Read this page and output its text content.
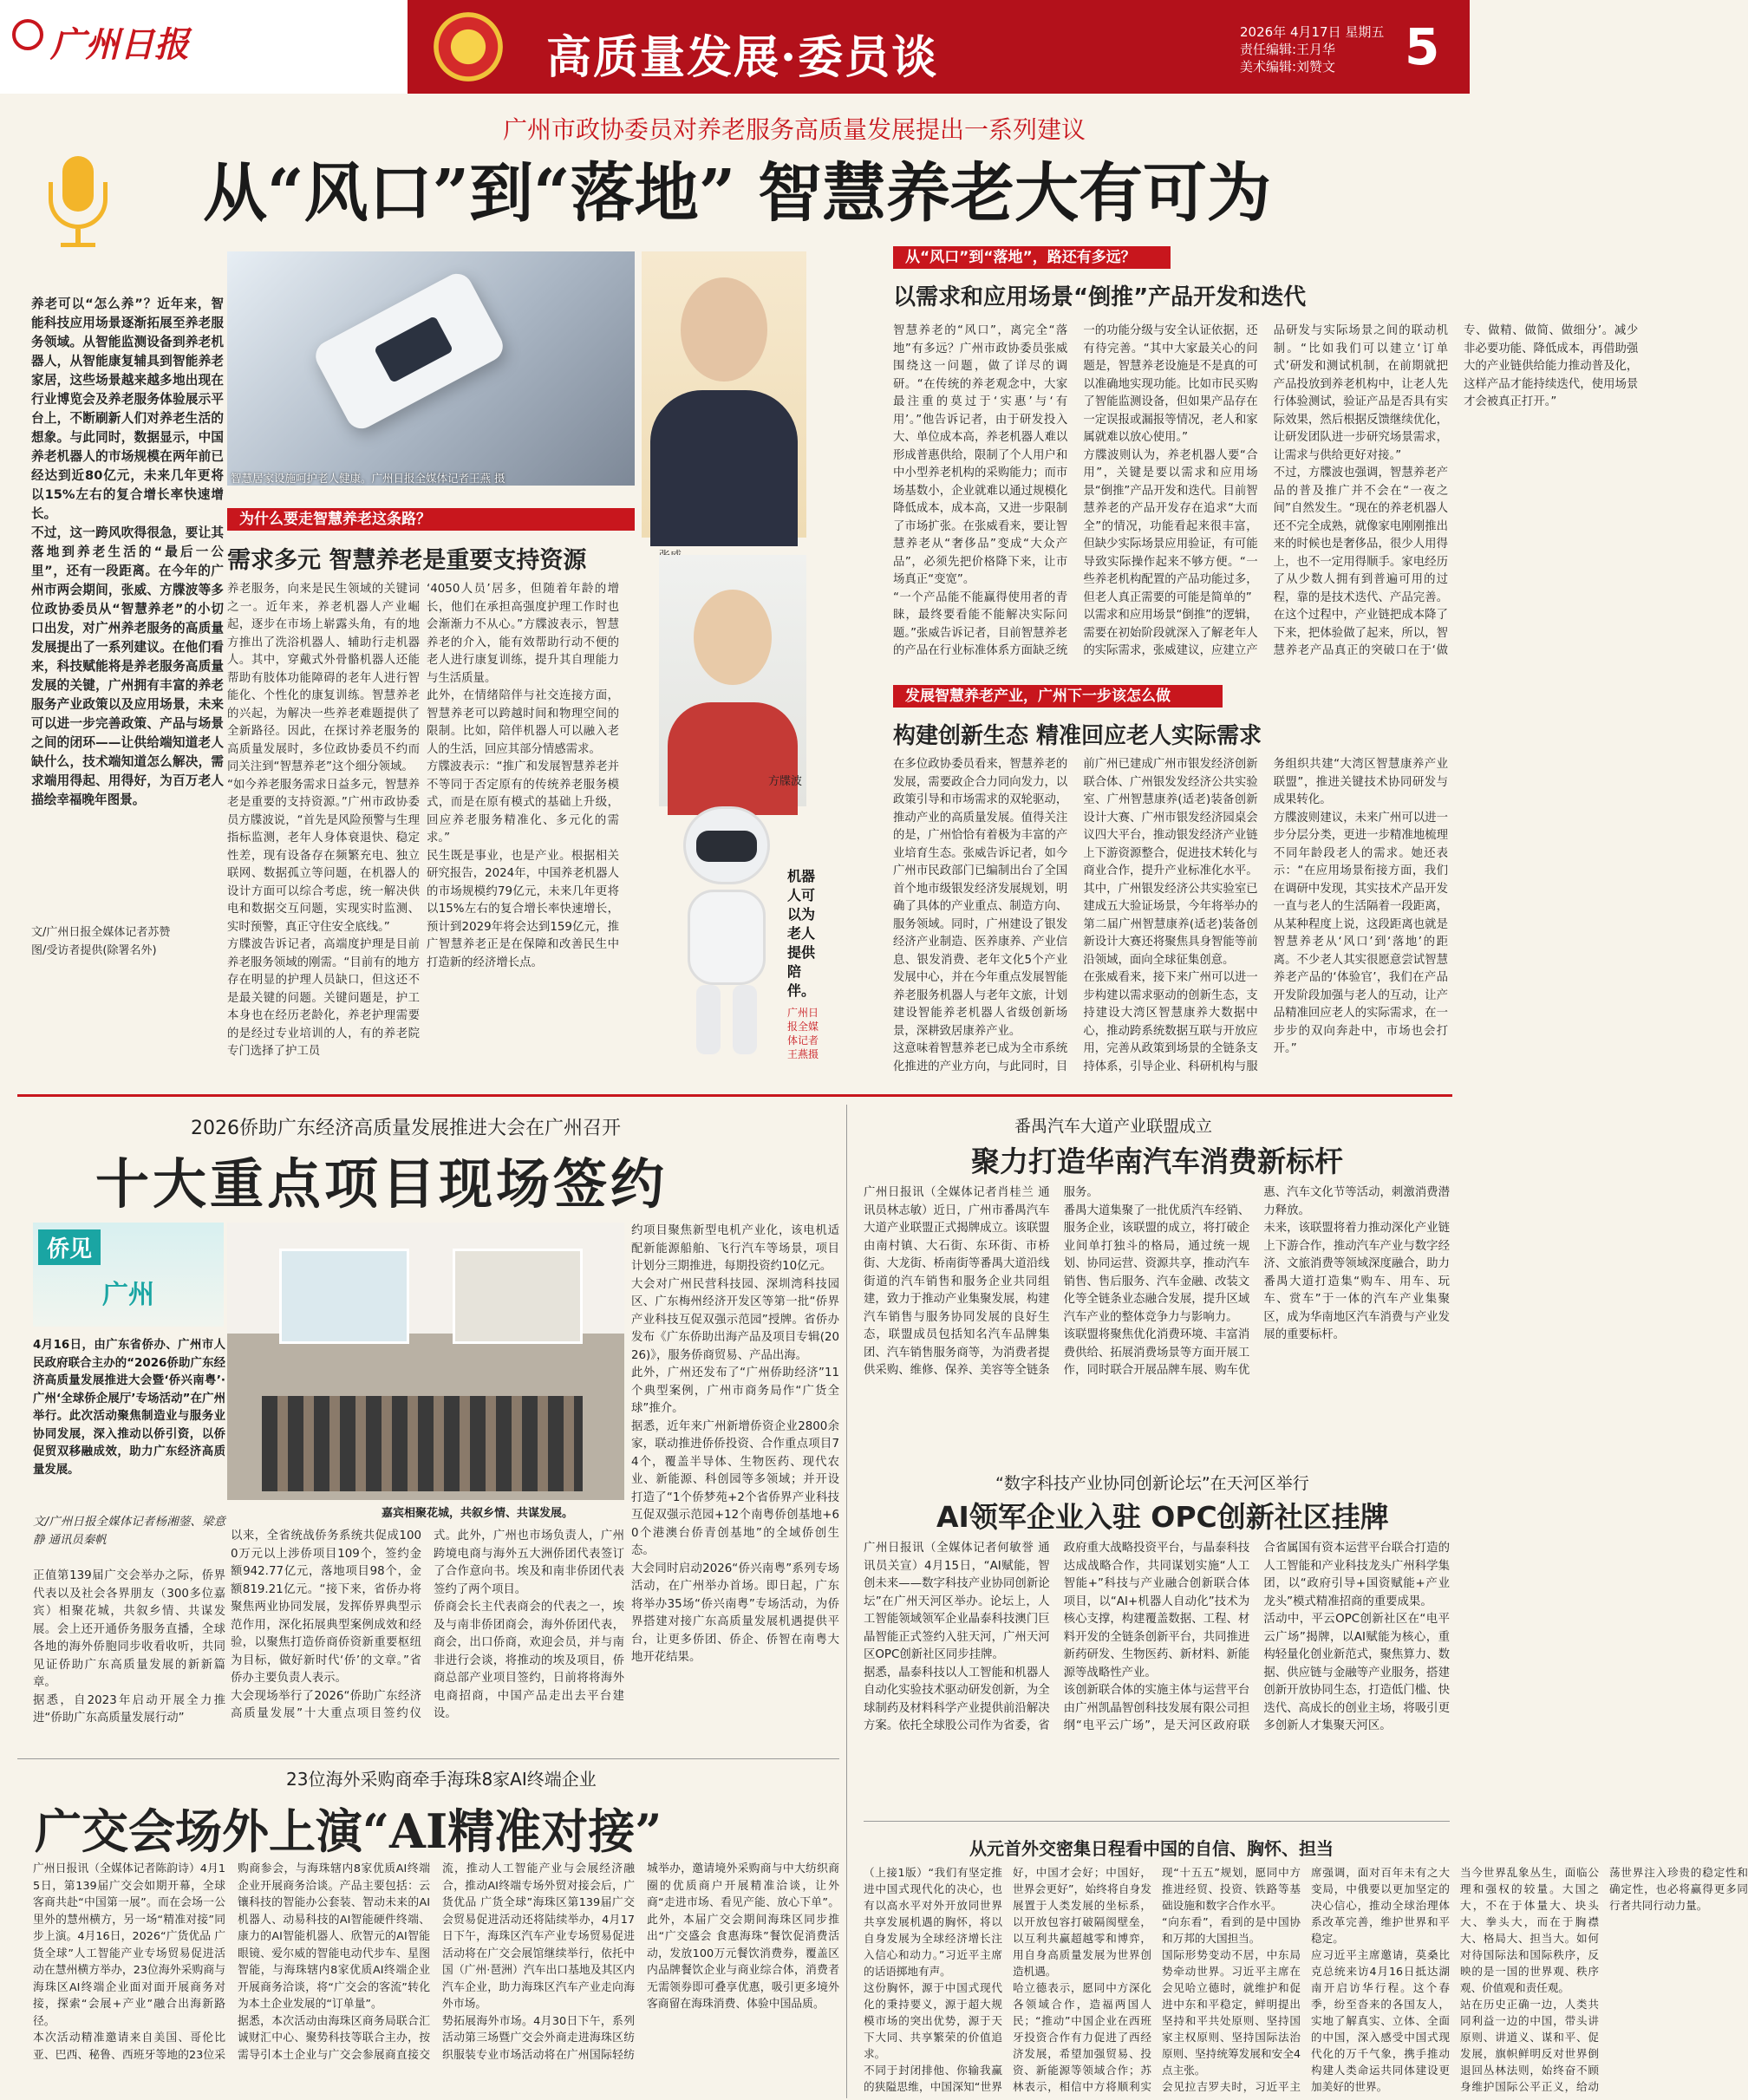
广州日报	高质量发展·委员谈	2026年 4月17日 星期五
责任编辑:王月华
美术编辑:刘赞文 5
广州市政协委员对养老服务高质量发展提出一系列建议
从“风口”到“落地” 智慧养老大有可为
养老可以“怎么养”？近年来，智能科技应用场景逐渐拓展至养老服务领域。从智能监测设备到养老机器人，从智能康复辅具到智能养老家居，这些场景越来越多地出现在行业博览会及养老服务体验展示平台上，不断刷新人们对养老生活的想象。与此同时，数据显示，中国养老机器人的市场规模在两年前已经达到近80亿元，未来几年更将以15%左右的复合增长率快速增长。
不过，这一跨风吹得很急，要让其落地到养老生活的“最后一公里”，还有一段距离。在今年的广州市两会期间，张威、方牒波等多位政协委员从“智慧养老”的小切口出发，对广州养老服务的高质量发展提出了一系列建议。在他们看来，科技赋能将是养老服务高质量发展的关键，广州拥有丰富的养老服务产业政策以及应用场景，未来可以进一步完善政策、产品与场景之间的闭环——让供给端知道老人缺什么，技术端知道怎么解决，需求端用得起、用得好，为百万老人描绘幸福晚年图景。
文/广州日报全媒体记者苏赞
图/受访者提供(除署名外)
智慧居家设施呵护老人健康。广州日报全媒体记者王燕 摄
为什么要走智慧养老这条路？
需求多元 智慧养老是重要支持资源
养老服务，向来是民生领域的关键词之一。近年来，养老机器人产业崛起，逐步在市场上崭露头角，有的地方推出了洗浴机器人、辅助行走机器人。其中，穿戴式外骨骼机器人还能帮助有肢体功能障碍的老年人进行智能化、个性化的康复训练。智慧养老的兴起，为解决一些养老难题提供了全新路径。因此，在探讨养老服务的高质量发展时，多位政协委员不约而同关注到“智慧养老”这个细分领域。
“如今养老服务需求日益多元，智慧养老是重要的支持资源。”广州市政协委员方牒波说，“首先是风险预警与生理指标监测，老年人身体衰退快、稳定性差，现有设备存在频繁充电、独立联网、数据孤立等问题，在机器人的设计方面可以综合考虑，统一解决供电和数据交互问题，实现实时监测、实时预警，真正守住安全底线。”
方牒波告诉记者，高端度护理是目前养老服务领域的刚需。“目前有的地方存在明显的护理人员缺口，但这还不是最关键的问题。关键问题是，护工本身也在经历老龄化，养老护理需要的是经过专业培训的人，有的养老院专门选择了护工员
‘4050人员’居多，但随着年龄的增长，他们在承担高强度护理工作时也会渐渐力不从心。”方牒波表示，智慧养老的介入，能有效帮助行动不便的老人进行康复训练，提升其自理能力与生活质量。
此外，在情绪陪伴与社交连接方面，智慧养老可以跨越时间和物理空间的限制。比如，陪伴机器人可以融入老人的生活，回应其部分情感需求。
方牒波表示：“推广和发展智慧养老并不等同于否定原有的传统养老服务模式，而是在原有模式的基础上升级，回应养老服务精准化、多元化的需求。”
民生既是事业，也是产业。根据相关研究报告，2024年，中国养老机器人的市场规模约79亿元，未来几年更将以15%左右的复合增长率快速增长，预计到2029年将会达到159亿元，推广智慧养老正是在保障和改善民生中打造新的经济增长点。
方牒波
机器人可以为老人提供陪伴。
广州日报全媒体记者王燕摄
从“风口”到“落地”，路还有多远？
以需求和应用场景“倒推”产品开发和迭代
智慧养老的“风口”，离完全“落地”有多远？广州市政协委员张威围绕这一问题，做了详尽的调研。“在传统的养老观念中，大家最注重的莫过于‘实惠’与‘有用’。”他告诉记者，由于研发投入大、单位成本高，养老机器人难以形成普惠供给，限制了个人用户和中小型养老机构的采购能力；而市场基数小，企业就难以通过规模化降低成本，成本高，又进一步限制了市场扩张。在张威看来，要让智慧养老从“奢侈品”变成“大众产品”，必须先把价格降下来，让市场真正“变宽”。
“一个产品能不能赢得使用者的青睐，最终要看能不能解决实际问题。”张威告诉记者，目前智慧养老的产品在行业标准体系方面缺乏统一的功能分级与安全认证依据，还有待完善。“其中大家最关心的问题是，智慧养老设施是不是真的可以准确地实现功能。比如市民买购了智能监测设备，但如果产品存在一定误报或漏报等情况，老人和家属就难以放心使用。”
方牒波则认为，养老机器人要“合用”，关键是要以需求和应用场景“倒推”产品开发和迭代。目前智慧养老的产品开发存在追求“大而全”的情况，功能看起来很丰富，但缺少实际场景应用验证，有可能导致实际操作起来不够方便。“一些养老机构配置的产品功能过多，但老人真正需要的可能是简单的”
以需求和应用场景“倒推”的逻辑，需要在初始阶段就深入了解老年人的实际需求，张威建议，应建立产品研发与实际场景之间的联动机制。“比如我们可以建立‘订单式’研发和测试机制，在前期就把产品投放到养老机构中，让老人先行体验测试，验证产品是否具有实际效果，然后根据反馈继续优化，让研发团队进一步研究场景需求，让需求与供给更好对接。”
不过，方牒波也强调，智慧养老产品的普及推广并不会在“一夜之间”自然发生。“现在的养老机器人还不完全成熟，就像家电刚刚推出来的时候也是奢侈品，很少人用得上，也不一定用得顺手。家电经历了从少数人拥有到普遍可用的过程，靠的是技术迭代、产品完善。在这个过程中，产业链把成本降了下来，把体验做了起来，所以，智慧养老产品真正的突破口在于‘做专、做精、做简、做细分’。减少非必要功能、降低成本，再借助强大的产业链供给能力推动普及化，这样产品才能持续迭代，使用场景才会被真正打开。”
发展智慧养老产业，广州下一步该怎么做
构建创新生态 精准回应老人实际需求
在多位政协委员看来，智慧养老的发展，需要政企合力同向发力，以政策引导和市场需求的双轮驱动，推动产业的高质量发展。值得关注的是，广州恰恰有着极为丰富的产业培育生态。张威告诉记者，如今广州市民政部门已编制出台了全国首个地市级银发经济发展规划，明确了具体的产业重点、制造方向、服务领域。同时，广州建设了银发经济产业制造、医养康养、产业信息、银发消费、老年文化5个产业发展中心，并在今年重点发展智能养老服务机器人与老年文旅，计划建设智能养老机器人省级创新场景，深耕致居康养产业。
这意味着智慧养老已成为全市系统化推进的产业方向，与此同时，目前广州已建成广州市银发经济创新联合体、广州银发发经济公共实验室、广州智慧康养(适老)装备创新设计大赛、广州市银发经济园桌会议四大平台，推动银发经济产业链上下游资源整合，促进技术转化与商业合作，提升产业标准化水平。其中，广州银发经济公共实验室已建成五大验证场景，今年将举办的第二届广州智慧康养(适老)装备创新设计大赛还将聚焦具身智能等前沿领域，面向全球征集创意。
在张威看来，接下来广州可以进一步构建以需求驱动的创新生态，支持建设大湾区智慧康养大数据中心，推动跨系统数据互联与开放应用，完善从政策到场景的全链条支持体系，引导企业、科研机构与服务组织共建“大湾区智慧康养产业联盟”，推进关键技术协同研发与成果转化。
方牒波则建议，未来广州可以进一步分层分类，更进一步精准地梳理不同年龄段老人的需求。她还表示：“在应用场景衔接方面，我们在调研中发现，其实技术产品开发一直与老人的生活隔着一段距离，从某种程度上说，这段距离也就是智慧养老从‘风口’到‘落地’的距离。不少老人其实很愿意尝试智慧养老产品的‘体验官’，我们在产品开发阶段加强与老人的互动，让产品精准回应老人的实际需求，在一步步的双向奔赴中，市场也会打开。”
2026侨助广东经济高质量发展推进大会在广州召开
十大重点项目现场签约
侨见
广州
4月16日，由广东省侨办、广州市人民政府联合主办的“2026侨助广东经济高质量发展推进大会暨‘侨兴南粤’·广州‘全球侨企展厅’专场活动”在广州举行。此次活动聚焦制造业与服务业协同发展，深入推动以侨引资，以侨促贸双移融成效，助力广东经济高质量发展。
文/广州日报全媒体记者杨湘蓥、梁意静 通讯员秦帆
嘉宾相聚花城，共叙乡情、共谋发展。
正值第139届广交会举办之际，侨界代表以及社会各界朋友（300多位嘉宾）相聚花城，共叙乡情、共谋发展。会上还开通侨务服务直播，全球各地的海外侨胞同步收看收听，共同见证侨助广东高质量发展的新新篇章。
据悉，自2023年启动开展全力推进“侨助广东高质量发展行动”
以来，全省统战侨务系统共促成1000万元以上涉侨项目109个，签约金额942.77亿元，落地项目98个，金额819.21亿元。“接下来，省侨办将聚焦两业协同发展，发挥侨界典型示范作用，深化拓展典型案例成效和经验，以聚焦打造侨商侨资新重要枢纽为目标，做好新时代‘侨’的文章。”省侨办主要负责人表示。
大会现场举行了2026“侨助广东经济高质量发展”十大重点项目签约仪式。此外，广州也市场负责人，广州跨境电商与海外五大洲侨团代表签订了合作意向书。埃及和南非侨团代表签约了两个项目。
侨商会长主代表商会的代表之一，埃及与南非侨团商会，海外侨团代表，商会，出口侨商，欢迎会员，并与南非进行会谈，将推动的埃及项目，侨商总部产业项目签约，日前将将海外电商招商，中国产品走出去平台建设。
约项目聚焦新型电机产业化，该电机适配新能源船舶、飞行汽车等场景，项目计划分三期推进，每期投资约10亿元。
大会对广州民营科技园、深圳湾科技园区、广东梅州经济开发区等第一批“侨界产业科技互促双强示范园”授牌。省侨办发布《广东侨助出海产品及项目专辑(2026)》，服务侨商贸易、产品出海。
此外，广州还发布了“广州侨助经济”11个典型案例，广州市商务局作“广货全球”推介。
据悉，近年来广州新增侨资企业2800余家，联动推进侨侨投资、合作重点项目74个，覆盖半导体、生物医药、现代农业、新能源、科创园等多领域；并开设打造了“1个侨梦苑+2个省侨界产业科技互促双强示范园+12个南粤侨创基地+60个港澳台侨青创基地”的全域侨创生态。
大会同时启动2026“侨兴南粤”系列专场活动，在广州举办首场。即日起，广东将举办35场“侨兴南粤”专场活动，为侨界搭建对接广东高质量发展机遇提供平台，让更多侨团、侨企、侨智在南粤大地开花结果。
番禺汽车大道产业联盟成立
聚力打造华南汽车消费新标杆
广州日报讯（全媒体记者肖桂兰 通讯员林志敏）近日，广州市番禺汽车大道产业联盟正式揭牌成立。该联盟由南村镇、大石街、东环街、市桥街、大龙街、桥南街等番禺大道沿线街道的汽车销售和服务企业共同组建，致力于推动产业集聚发展，构建汽车销售与服务协同发展的良好生态，联盟成员包括知名汽车品牌集团、汽车销售服务商等，为消费者提供采购、维修、保养、美容等全链条服务。
番禺大道集聚了一批优质汽车经销、服务企业，该联盟的成立，将打破企业间单打独斗的格局，通过统一规划、协同运营、资源共享，推动汽车销售、售后服务、汽车金融、改装文化等全链条业态融合发展，提升区域汽车产业的整体竞争力与影响力。
该联盟将聚焦优化消费环境、丰富消费供给、拓展消费场景等方面开展工作，同时联合开展品牌车展、购车优惠、汽车文化节等活动，刺激消费潜力释放。
未来，该联盟将着力推动深化产业链上下游合作，推动汽车产业与数字经济、文旅消费等领域深度融合，助力番禺大道打造集“购车、用车、玩车、赏车”于一体的汽车产业集聚区，成为华南地区汽车消费与产业发展的重要标杆。
“数字科技产业协同创新论坛”在天河区举行
AI领军企业入驻 OPC创新社区挂牌
广州日报讯（全媒体记者何敏誉 通讯员关宣）4月15日，“AI赋能，智创未来——数字科技产业协同创新论坛”在广州天河区举办。论坛上，人工智能领域领军企业晶泰科技澳门巨晶智能正式签约入驻天河，广州天河区OPC创新社区同步挂牌。
据悉，晶泰科技以人工智能和机器人自动化实验技术驱动研发创新，为全球制药及材料科学产业提供前沿解决方案。依托全球股公司作为省委，省政府重大战略投资平台，与晶泰科技达成战略合作，共同谋划实施“人工智能+”科技与产业融合创新联合体项目，以“AI+机器人自动化”技术为核心支撑，构建覆盖数据、工程、材料开发的全链条创新平台，共同推进新药研发、生物医药、新材料、新能源等战略性产业。
该创新联合体的实施主体与运营平台由广州凯晶智创科技发展有限公司担纲“电平云广场”，是天河区政府联合省属国有资本运营平台联合打造的人工智能和产业科技龙头广州科学集团，以“政府引导+国资赋能+产业龙头”模式精准招商的重要成果。
活动中，平云OPC创新社区在“电平云广场”揭牌，以AI赋能为核心，重构轻量化创业新范式，聚焦算力、数据、供应链与金融等产业服务，搭建创新开放协同生态，打造低门槛、快迭代、高成长的创业主场，将吸引更多创新人才集聚天河区。
从元首外交密集日程看中国的自信、胸怀、担当
（上接1版）“我们有坚定推进中国式现代化的决心，也有以高水平对外开放同世界共享发展机遇的胸怀，将以自身发展为全球经济增长注入信心和动力。”习近平主席的话语掷地有声。
这份胸怀，源于中国式现代化的秉持要义，源于超大规模市场的突出优势，源于天下大同、共享繁荣的价值追求。
不同于封闭排他、你输我赢的狭隘思维，中国深知“世界好，中国才会好；中国好，世界会更好”，始终将自身发展置于人类发展的坐标系，以开放包容打破隔阂壁垒，以互利共赢超越零和博弈，用自身高质量发展为世界创造机遇。
哈立德表示，愿同中方深化各领域合作，造福两国人民；“推动”中国企业在西班牙投资合作有力促进了西经济发展，希望加强贸易、投资、新能源等领域合作；苏林表示，相信中方将顺利实现“十五五”规划，愿同中方推进经贸、投资、铁路等基础设施和数字合作水平。
“向东看”，看到的是中国协和万邦的大国担当。
国际形势变动不居，中东局势牵动世界。习近平主席在会见哈立德时，就维护和促进中东和平稳定，鲜明提出坚持和平共处原则、坚持国家主权原则、坚持国际法治原则、坚持统筹发展和安全4点主张。
会见拉吉罗夫时，习近平主席强调，面对百年未有之大变局，中俄要以更加坚定的决心信心，推动全球治理体系改革完善，维护世界和平稳定。
应习近平主席邀请，莫桑比克总统来访4月16日抵达湖南开启访华行程。这个春季，纷至沓来的各国友人，实地了解真实、立体、全面的中国，深入感受中国式现代化的万千气象，携手推动构建人类命运共同体建设更加美好的世界。
当今世界乱象丛生，面临公理和强权的较量。大国之大，不在于体量大、块头大、拳头大，而在于胸襟大、格局大、担当大。如何对待国际法和国际秩序，反映的是一国的世界观、秩序观、价值观和责任观。
站在历史正确一边，人类共同利益一边的中国，带头讲原则、讲道义、谋和平、促发展，旗帜鲜明反对世界倒退回丛林法则，始终奋不顾身维护国际公平正义，给动荡世界注入珍贵的稳定性和确定性，也必将赢得更多同行者共同行动力量。
23位海外采购商牵手海珠8家AI终端企业
广交会场外上演“AI精准对接”
广州日报讯（全媒体记者陈韵诗）4月15日，第139届广交会如期开幕，全球客商共赴“中国第一展”。而在会场一公里外的慧州横方，另一场“精准对接”同步上演。4月16日，2026“广货优品 广货全球”人工智能产业专场贸易促进活动在慧州横方举办，23位海外采购商与海珠区AI终端企业面对面开展商务对接，探索“会展+产业”融合出海新路径。
本次活动精准邀请来自美国、哥伦比亚、巴西、秘鲁、西班牙等地的23位采购商参会，与海珠辖内8家优质AI终端企业开展商务洽谈。产品主要包括：云镶科技的智能办公套装、智动未来的AI机器人、动易科技的AI智能硬件终端、康力的AI智能机器人、欣智元的AI智能眼镜、爱尔威的智能电动代步车、星图智能，与海珠辖内8家优质AI终端企业开展商务洽谈，将“广交会的客流”转化为本土企业发展的“订单量”。
据悉，本次活动由海珠区商务局联合汇诚财汇中心、聚势科技等联合主办，按需导引本土企业与广交会参展商直接交流，推动人工智能产业与会展经济融合，推动AI终端专场外贸对接会后，广货优品 广货全球”海珠区第139届广交会贸易促进活动还将陆续举办，4月17日下午，海珠区汽车产业专场贸易促进活动将在广交会展馆继续举行，依托中国（广州·琶洲）汽车出口基地及其区内汽车企业，助力海珠区汽车产业走向海外市场。
势拓展海外市场。4月30日下午，系列活动第三场暨广交会外商走进海珠区纺织服装专业市场活动将在广州国际轻纺城举办，邀请境外采购商与中大纺织商圈的优质商户开展精准洽谈，让外商“走进市场、看见产能、放心下单”。此外，本届广交会期间海珠区同步推出“广交盛会 食惠海珠”餐饮促消费活动，发放100万元餐饮消费券，覆盖区内品牌餐饮企业与商业综合体，消费者无需领券即可叠享优惠，吸引更多境外客商留在海珠消费、体验中国品质。
